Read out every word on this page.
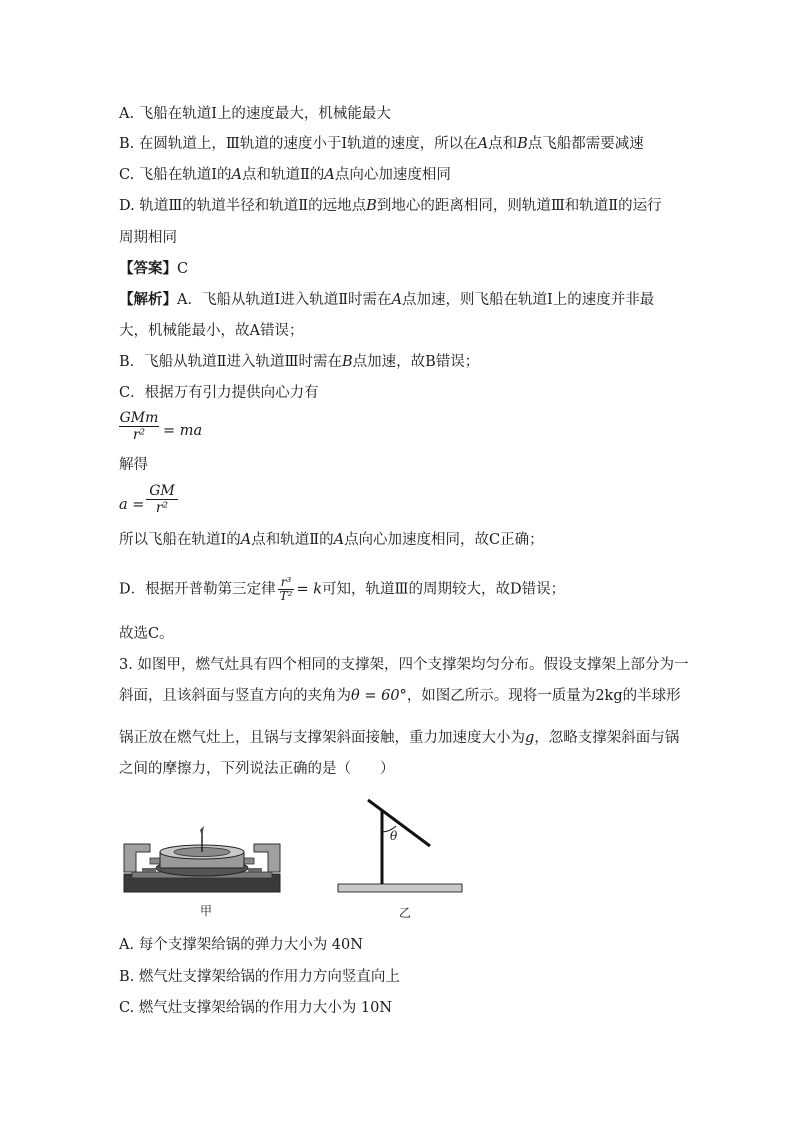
A. 飞船在轨道Ⅰ上的速度最大，机械能最大
B. 在圆轨道上，Ⅲ轨道的速度小于Ⅰ轨道的速度，所以在A点和B点飞船都需要减速
C. 飞船在轨道Ⅰ的A点和轨道Ⅱ的A点向心加速度相同
D. 轨道Ⅲ的轨道半径和轨道Ⅱ的远地点B到地心的距离相同，则轨道Ⅲ和轨道Ⅱ的运行
周期相同
【答案】C
【解析】A．飞船从轨道Ⅰ进入轨道Ⅱ时需在A点加速，则飞船在轨道Ⅰ上的速度并非最
大，机械能最小，故A错误；
B．飞船从轨道Ⅱ进入轨道Ⅲ时需在B点加速，故B错误；
C．根据万有引力提供向心力有
GMm
r²	= ma
解得
a =
GM
r²
所以飞船在轨道Ⅰ的A点和轨道Ⅱ的A点向心加速度相同，故C正确；
D．根据开普勒第三定律 $\frac{\text{r³}}{\text{T²}} = k$可知，轨道Ⅲ的周期较大，故D错误；
故选C。
3. 如图甲，燃气灶具有四个相同的支撑架，四个支撑架均匀分布。假设支撑架上部分为一
斜面，且该斜面与竖直方向的夹角为θ = 60°，如图乙所示。现将一质量为2kg的半球形
锅正放在燃气灶上，且锅与支撑架斜面接触，重力加速度大小为g，忽略支撑架斜面与锅
之间的摩擦力，下列说法正确的是（　　）
甲
θ
乙
A. 每个支撑架给锅的弹力大小为 40N
B. 燃气灶支撑架给锅的作用力方向竖直向上
C. 燃气灶支撑架给锅的作用力大小为 10N
